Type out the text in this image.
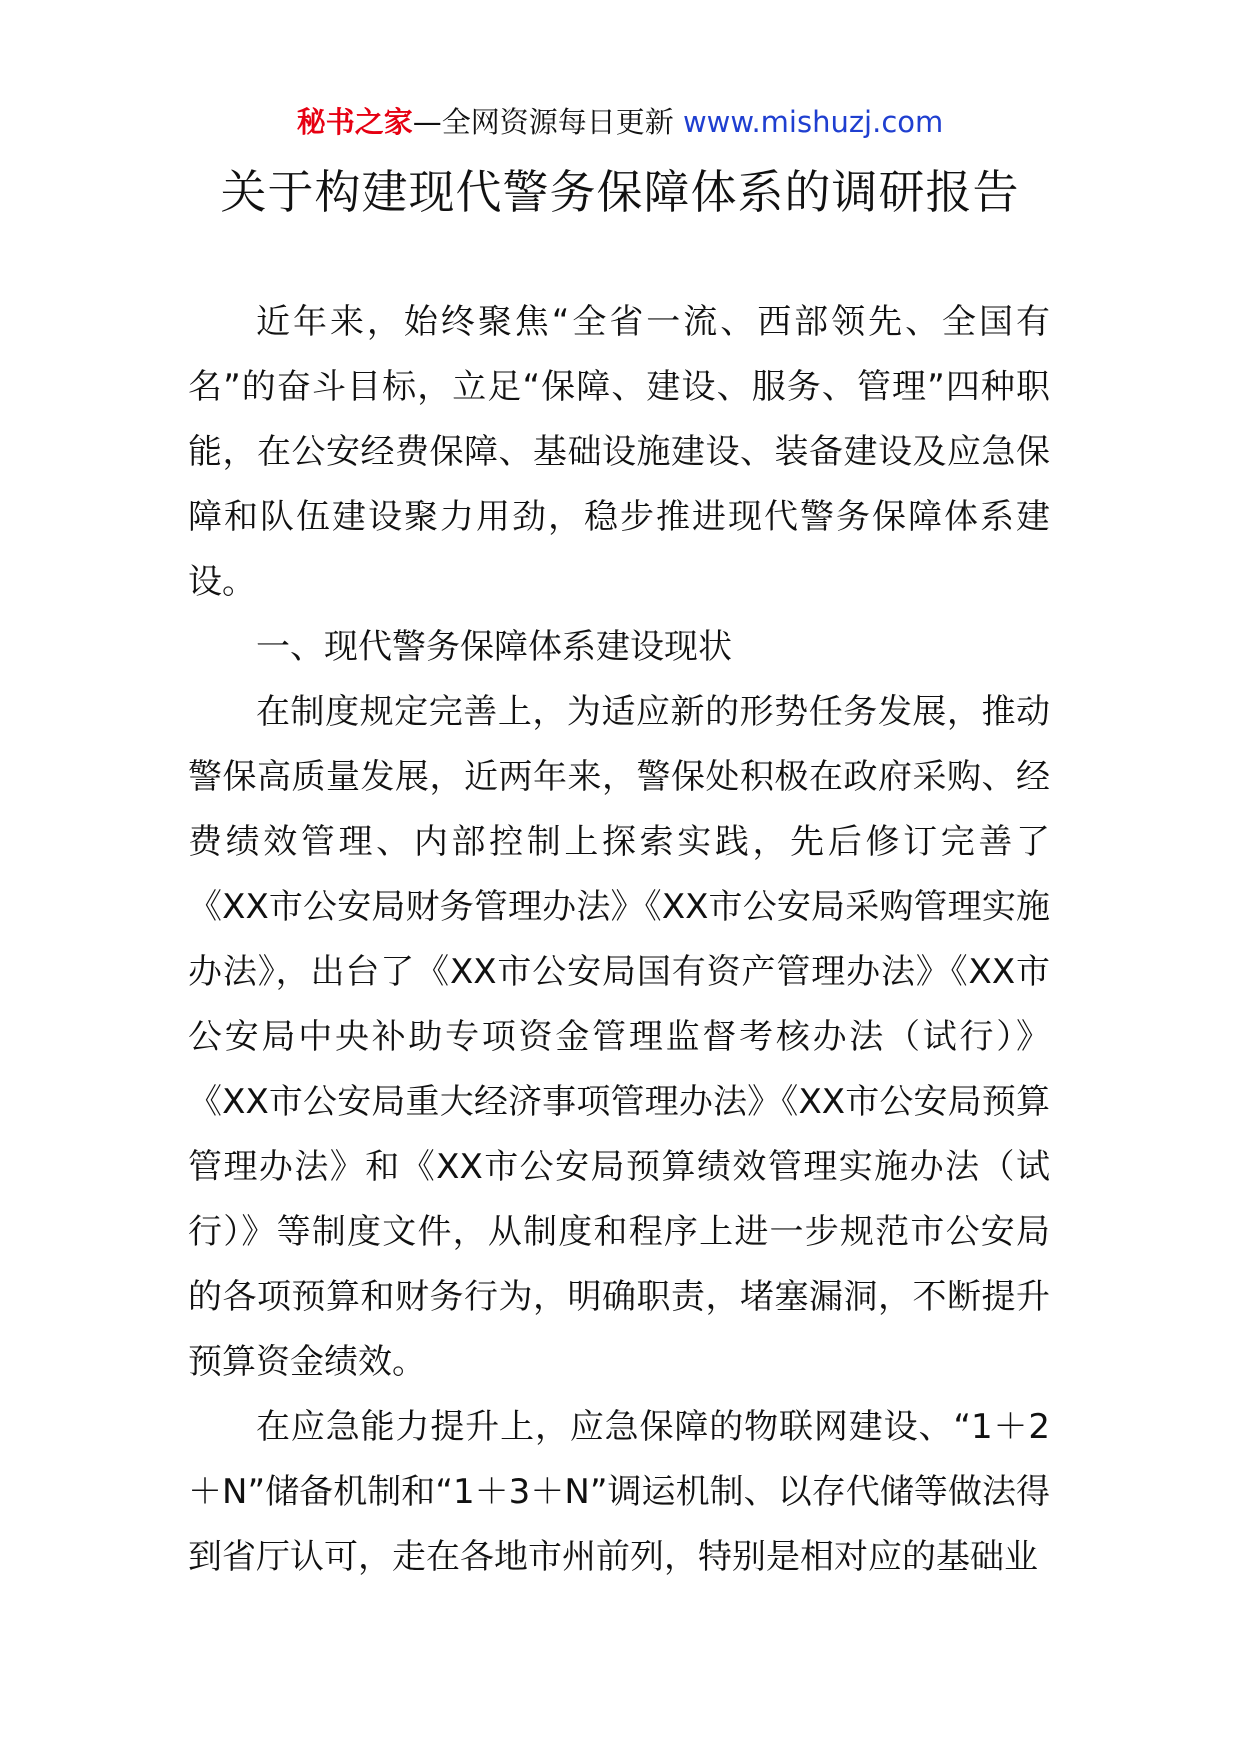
秘书之家—全网资源每日更新 www.mishuzj.com
关于构建现代警务保障体系的调研报告

近年来，始终聚焦“全省一流、西部领先、全国有名”的奋斗目标，立足“保障、建设、服务、管理”四种职能，在公安经费保障、基础设施建设、装备建设及应急保障和队伍建设聚力用劲，稳步推进现代警务保障体系建设。

一、现代警务保障体系建设现状

在制度规定完善上，为适应新的形势任务发展，推动警保高质量发展，近两年来，警保处积极在政府采购、经费绩效管理、内部控制上探索实践，先后修订完善了《XX市公安局财务管理办法》《XX市公安局采购管理实施办法》，出台了《XX市公安局国有资产管理办法》《XX市公安局中央补助专项资金管理监督考核办法（试行）》《XX市公安局重大经济事项管理办法》《XX市公安局预算管理办法》和《XX市公安局预算绩效管理实施办法（试行）》等制度文件，从制度和程序上进一步规范市公安局的各项预算和财务行为，明确职责，堵塞漏洞，不断提升预算资金绩效。

在应急能力提升上，应急保障的物联网建设、“1＋2＋N”储备机制和“1＋3＋N”调运机制、以存代储等做法得到省厅认可，走在各地市州前列，特别是相对应的基础业
